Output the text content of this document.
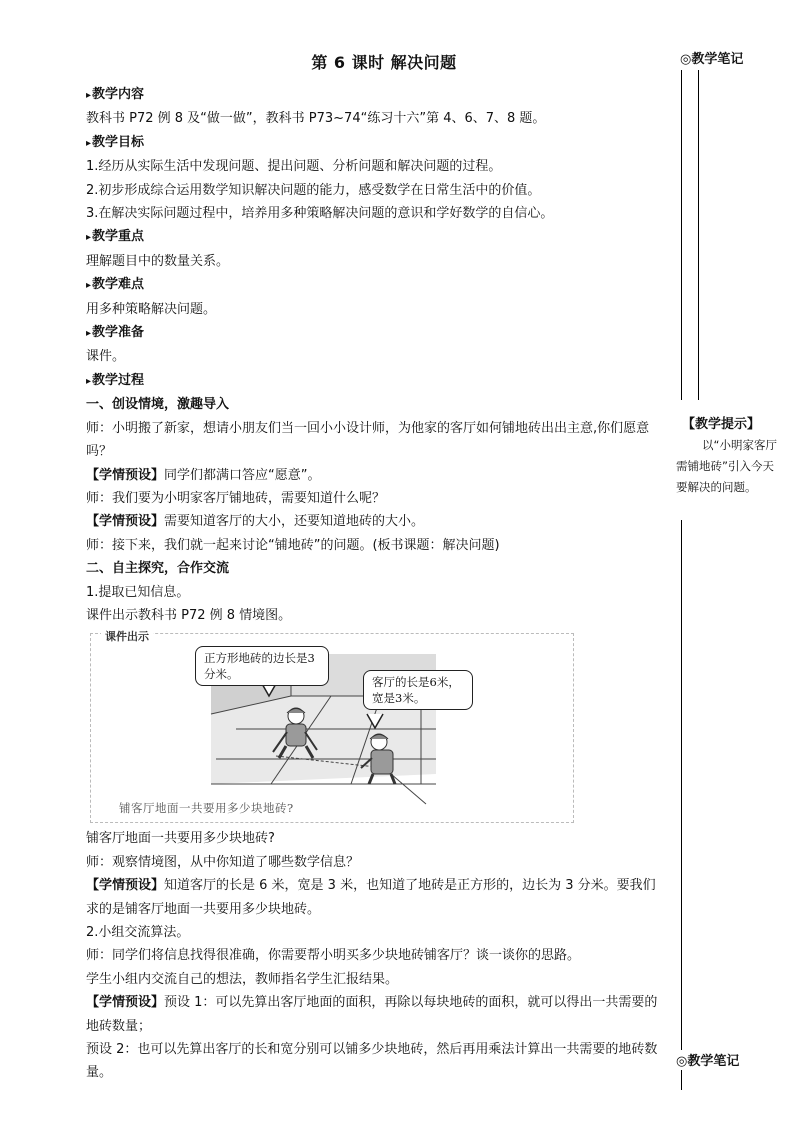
第 6 课时 解决问题	◎教学笔记
◎教学笔记
【教学提示】
以“小明家客厅需铺地砖”引入今天要解决的问题。

▸ 教学内容

教科书 P72 例 8 及“做一做”，教科书 P73~74“练习十六”第 4、6、7、8 题。

▸ 教学目标

1.经历从实际生活中发现问题、提出问题、分析问题和解决问题的过程。

2.初步形成综合运用数学知识解决问题的能力，感受数学在日常生活中的价值。

3.在解决实际问题过程中，培养用多种策略解决问题的意识和学好数学的自信心。

▸ 教学重点

理解题目中的数量关系。

▸ 教学难点

用多种策略解决问题。

▸ 教学准备

课件。

▸ 教学过程

一、创设情境，激趣导入

师：小明搬了新家，想请小朋友们当一回小小设计师，为他家的客厅如何铺地砖出出主意,你们愿意吗？

【学情预设】同学们都满口答应“愿意”。

师：我们要为小明家客厅铺地砖，需要知道什么呢？

【学情预设】需要知道客厅的大小，还要知道地砖的大小。

师：接下来，我们就一起来讨论“铺地砖”的问题。(板书课题：解决问题)

二、自主探究，合作交流

1.提取已知信息。

课件出示教科书 P72 例 8 情境图。

课件出示
正方形地砖的边长是3分米。
客厅的长是6米，宽是3米。
铺客厅地面一共要用多少块地砖?

铺客厅地面一共要用多少块地砖?

师：观察情境图，从中你知道了哪些数学信息？

【学情预设】知道客厅的长是 6 米，宽是 3 米，也知道了地砖是正方形的，边长为 3 分米。要我们求的是铺客厅地面一共要用多少块地砖。

2.小组交流算法。

师：同学们将信息找得很准确，你需要帮小明买多少块地砖铺客厅？谈一谈你的思路。

学生小组内交流自己的想法，教师指名学生汇报结果。

【学情预设】预设 1：可以先算出客厅地面的面积，再除以每块地砖的面积，就可以得出一共需要的地砖数量；

预设 2：也可以先算出客厅的长和宽分别可以铺多少块地砖，然后再用乘法计算出一共需要的地砖数量。
